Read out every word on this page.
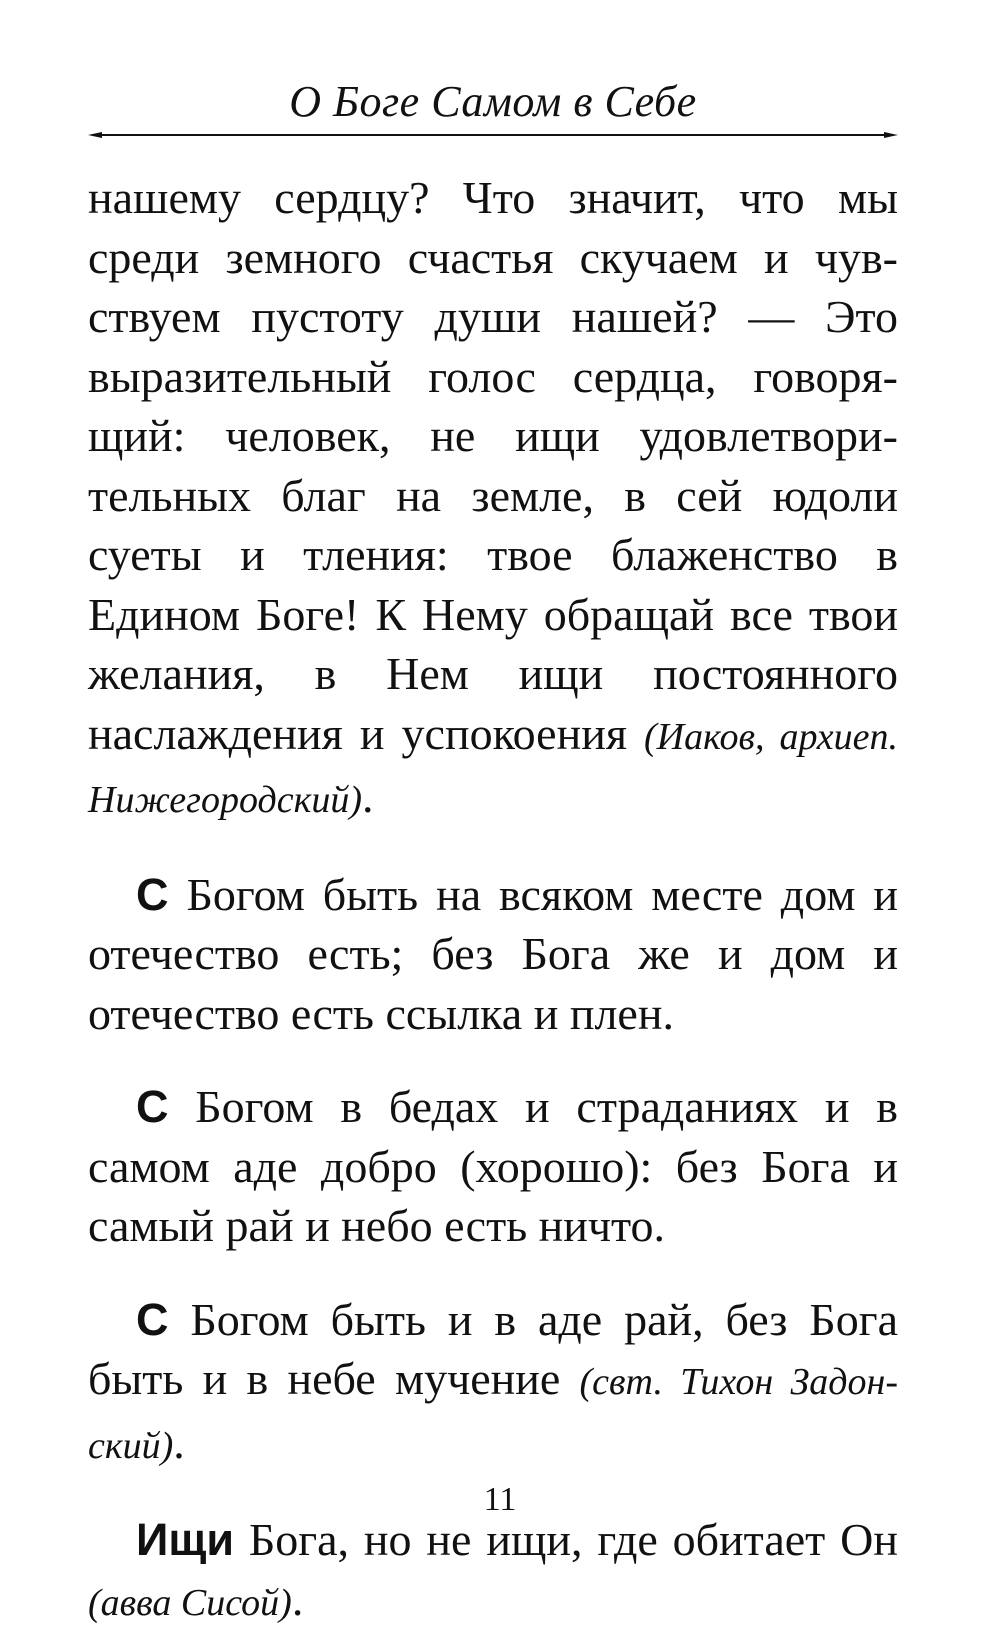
О Боге Самом в Себе

нашему сердцу? Что значит, что мы среди земного счастья скучаем и чувствуем пустоту души нашей? — Это выразительный голос сердца, говорящий: человек, не ищи удовлетворительных благ на земле, в сей юдоли суеты и тления: твое блаженство в Едином Боге! К Нему обращай все твои желания, в Нем ищи постоянного наслаждения и успокоения (Иаков, архиеп. Нижегородский).

С Богом быть на всяком месте дом и отечество есть; без Бога же и дом и отечество есть ссылка и плен.

С Богом в бедах и страданиях и в самом аде добро (хорошо): без Бога и самый рай и небо есть ничто.

С Богом быть и в аде рай, без Бога быть и в небе мучение (свт. Тихон Задонский).

Ищи Бога, но не ищи, где обитает Он (авва Сисой).

11
